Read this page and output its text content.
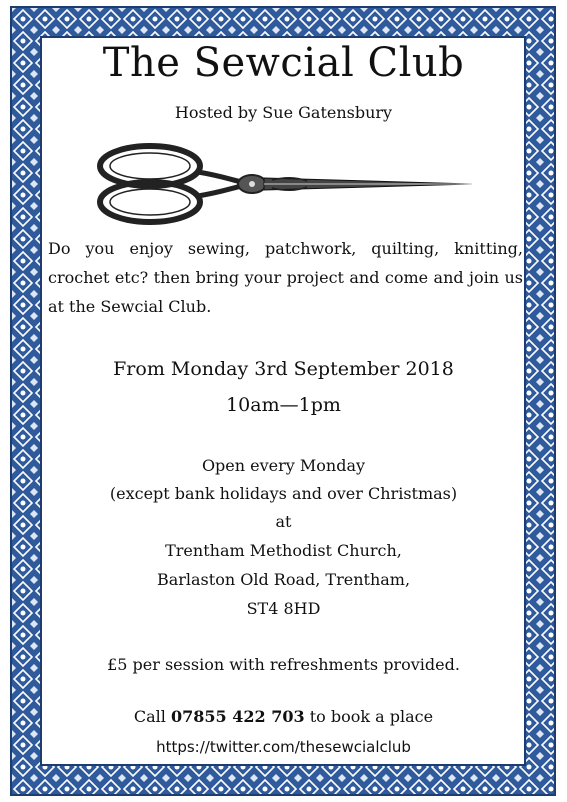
The Sewcial Club
Hosted by Sue Gatensbury
Do you enjoy sewing, patchwork, quilting, knitting, crochet etc? then bring your project and come and join us at the Sewcial Club.
From Monday 3rd September 2018
10am—1pm
Open every Monday
(except bank holidays and over Christmas)
at
Trentham Methodist Church,
Barlaston Old Road, Trentham,
ST4 8HD
£5 per session with refreshments provided.
Call 07855 422 703 to book a place
https://twitter.com/thesewcialclub
